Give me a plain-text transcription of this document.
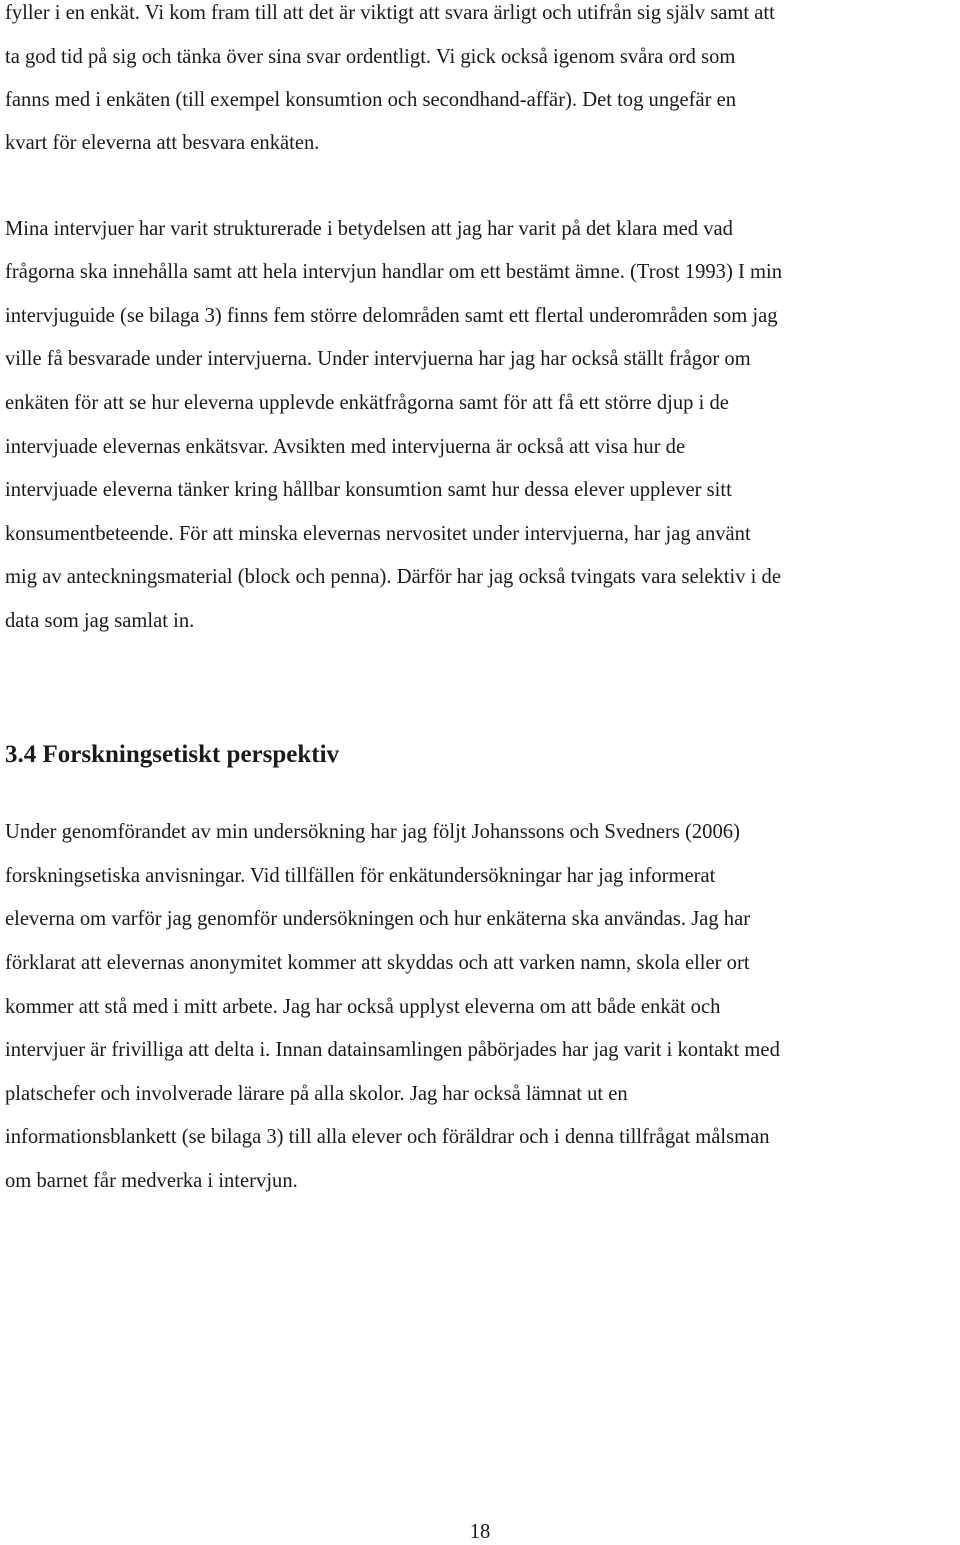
fyller i en enkät. Vi kom fram till att det är viktigt att svara ärligt och utifrån sig själv samt att
ta god tid på sig och tänka över sina svar ordentligt. Vi gick också igenom svåra ord som
fanns med i enkäten (till exempel konsumtion och secondhand-affär). Det tog ungefär en
kvart för eleverna att besvara enkäten.
Mina intervjuer har varit strukturerade i betydelsen att jag har varit på det klara med vad
frågorna ska innehålla samt att hela intervjun handlar om ett bestämt ämne. (Trost 1993) I min
intervjuguide (se bilaga 3) finns fem större delområden samt ett flertal underområden som jag
ville få besvarade under intervjuerna. Under intervjuerna har jag har också ställt frågor om
enkäten för att se hur eleverna upplevde enkätfrågorna samt för att få ett större djup i de
intervjuade elevernas enkätsvar. Avsikten med intervjuerna är också att visa hur de
intervjuade eleverna tänker kring hållbar konsumtion samt hur dessa elever upplever sitt
konsumentbeteende. För att minska elevernas nervositet under intervjuerna, har jag använt
mig av anteckningsmaterial (block och penna). Därför har jag också tvingats vara selektiv i de
data som jag samlat in.
3.4 Forskningsetiskt perspektiv
Under genomförandet av min undersökning har jag följt Johanssons och Svedners (2006)
forskningsetiska anvisningar. Vid tillfällen för enkätundersökningar har jag informerat
eleverna om varför jag genomför undersökningen och hur enkäterna ska användas. Jag har
förklarat att elevernas anonymitet kommer att skyddas och att varken namn, skola eller ort
kommer att stå med i mitt arbete. Jag har också upplyst eleverna om att både enkät och
intervjuer är frivilliga att delta i. Innan datainsamlingen påbörjades har jag varit i kontakt med
platschefer och involverade lärare på alla skolor. Jag har också lämnat ut en
informationsblankett (se bilaga 3) till alla elever och föräldrar och i denna tillfrågat målsman
om barnet får medverka i intervjun.
18
